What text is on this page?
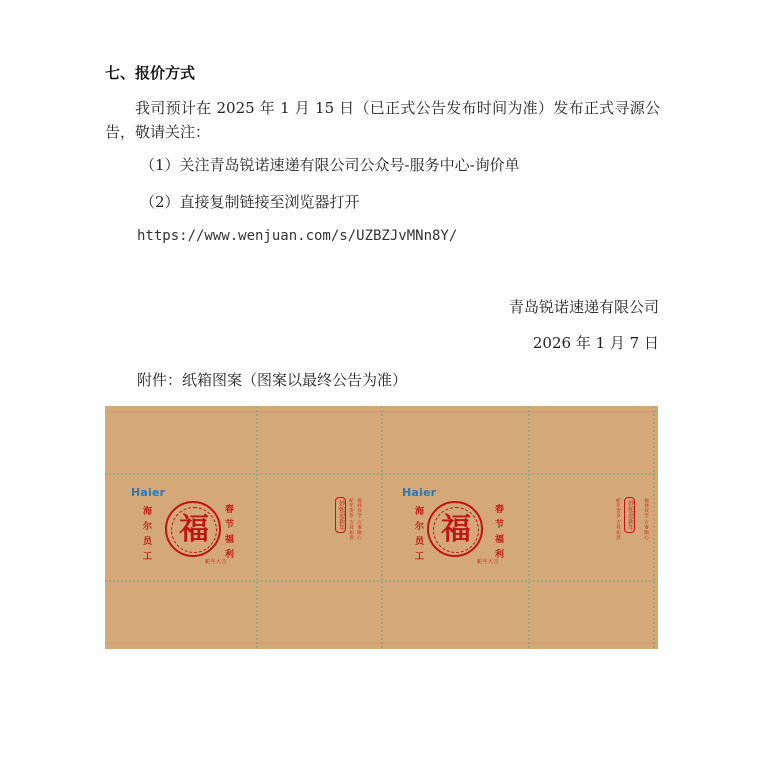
七、报价方式
我司预计在 2025 年 1 月 15 日（已正式公告发布时间为准）发布正式寻源公告，敬请关注：
（1）关注青岛锐诺速递有限公司公众号-服务中心-询价单
（2）直接复制链接至浏览器打开
https://www.wenjuan.com/s/UZBZJvMNn8Y/
青岛锐诺速递有限公司
2026 年 1 月 7 日
附件：纸箱图案（图案以最终公告为准）
Haier
海尔员工 福 春节福利
蛇年大吉
蛇年贺岁 吉祥如意
妙蛇迎新年	福禄双全 万事顺心
Haier
海尔员工 福 春节福利
蛇年大吉
蛇年贺岁 吉祥如意	妙蛇迎新年 福禄双全 万事顺心
